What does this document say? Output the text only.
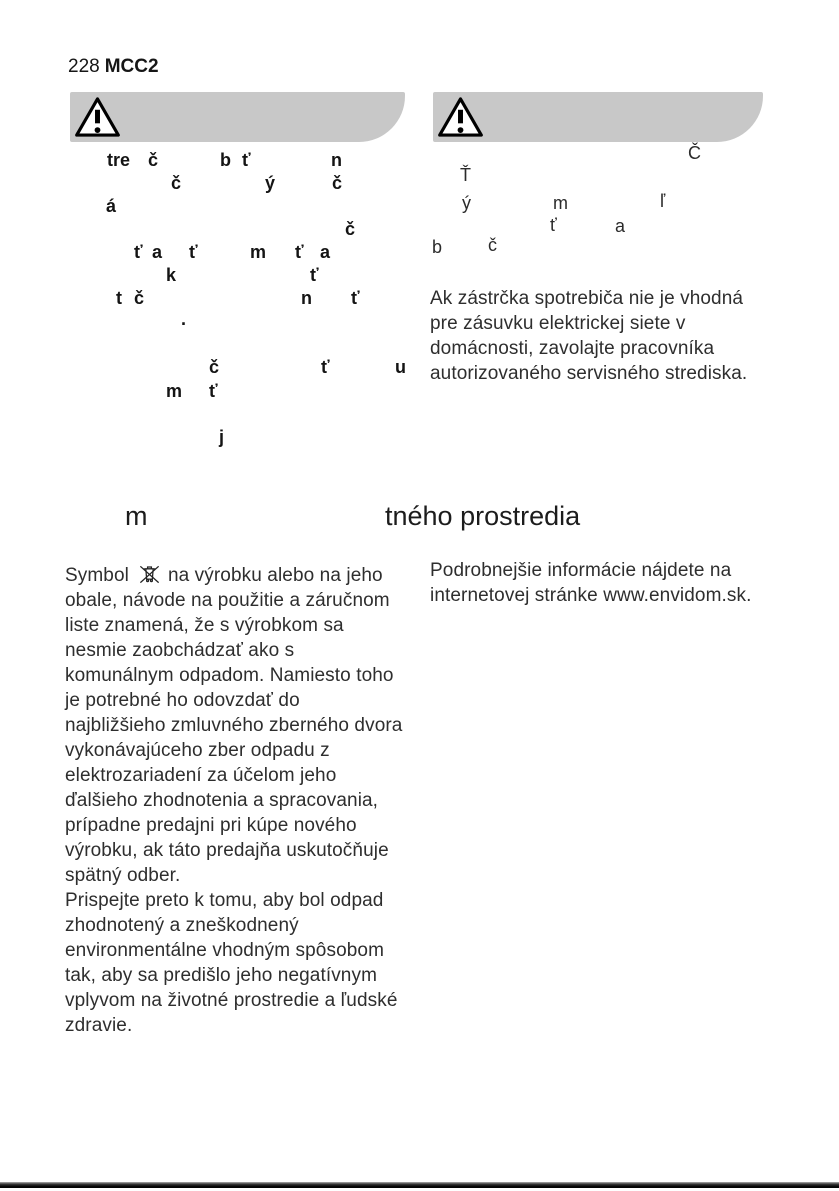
228 MCC2

tre č	b ť	n
č	ý	č
á
č
ť a ť	m ť a
k	ť
t č	n ť
.
č	ť	u
m ť
j
Č
Ť
ý	m	ľ
ť	a
b	č
Ak zástrčka spotrebiča nie je vhodná
pre zásuvku elektrickej siete v
domácnosti, zavolajte pracovníka
autorizovaného servisného strediska.
m	tného prostredia
Symbol na výrobku alebo na jeho
obale, návode na použitie a záručnom
liste znamená, že s výrobkom sa
nesmie zaobchádzať ako s
komunálnym odpadom. Namiesto toho
je potrebné ho odovzdať do
najbližšieho zmluvného zberného dvora
vykonávajúceho zber odpadu z
elektrozariadení za účelom jeho
ďalšieho zhodnotenia a spracovania,
prípadne predajni pri kúpe nového
výrobku, ak táto predajňa uskutočňuje
spätný odber.
Prispejte preto k tomu, aby bol odpad
zhodnotený a zneškodnený
environmentálne vhodným spôsobom
tak, aby sa predišlo jeho negatívnym
vplyvom na životné prostredie a ľudské
zdravie.
Podrobnejšie informácie nájdete na
internetovej stránke www.envidom.sk.
